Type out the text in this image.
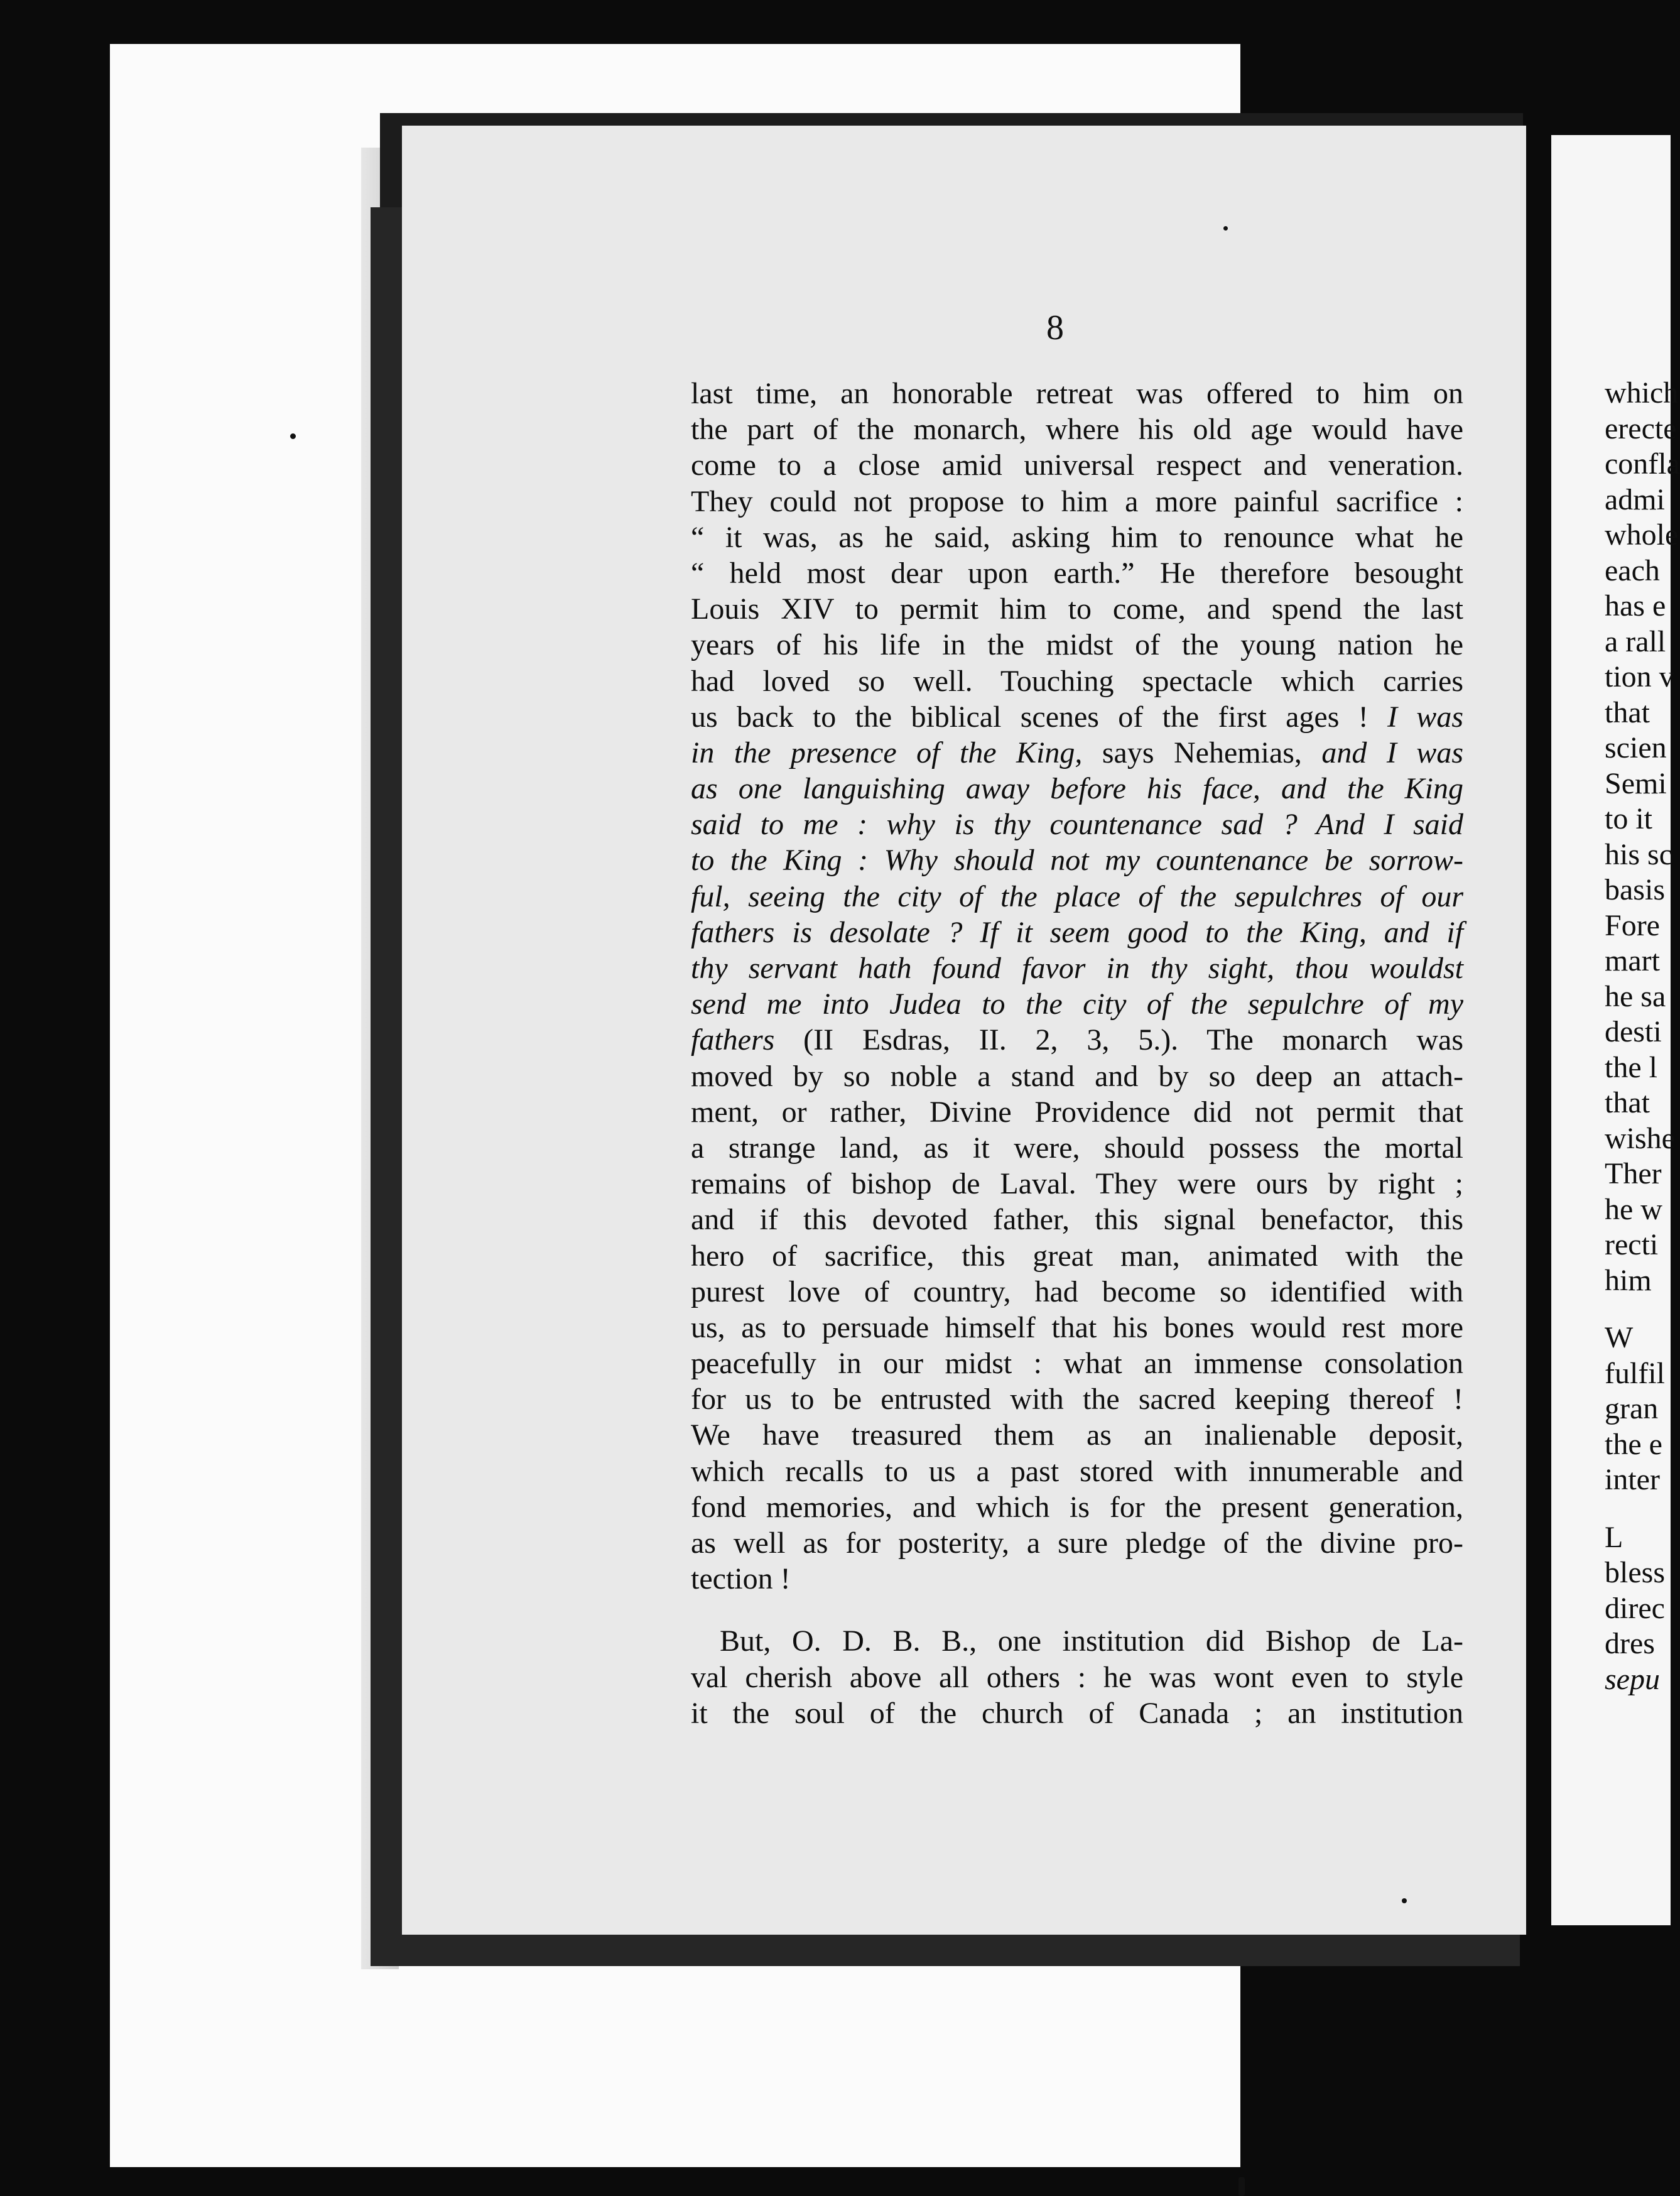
8
last time, an honorable retreat was offered to him on
the part of the monarch, where his old age would have
come to a close amid universal respect and veneration.
They could not propose to him a more painful sacrifice :
“ it was, as he said, asking him to renounce what he
“ held most dear upon earth.” He therefore besought
Louis XIV to permit him to come, and spend the last
years of his life in the midst of the young nation he
had loved so well. Touching spectacle which carries
us back to the biblical scenes of the first ages ! I was
in the presence of the King, says Nehemias, and I was
as one languishing away before his face, and the King
said to me : why is thy countenance sad ? And I said
to the King : Why should not my countenance be sorrow-
ful, seeing the city of the place of the sepulchres of our
fathers is desolate ? If it seem good to the King, and if
thy servant hath found favor in thy sight, thou wouldst
send me into Judea to the city of the sepulchre of my
fathers (II Esdras, II. 2, 3, 5.). The monarch was
moved by so noble a stand and by so deep an attach-
ment, or rather, Divine Providence did not permit that
a strange land, as it were, should possess the mortal
remains of bishop de Laval. They were ours by right ;
and if this devoted father, this signal benefactor, this
hero of sacrifice, this great man, animated with the
purest love of country, had become so identified with
us, as to persuade himself that his bones would rest more
peacefully in our midst : what an immense consolation
for us to be entrusted with the sacred keeping thereof !
We have treasured them as an inalienable deposit,
which recalls to us a past stored with innumerable and
fond memories, and which is for the present generation,
as well as for posterity, a sure pledge of the divine pro-
tection !
But, O. D. B. B., one institution did Bishop de La-
val cherish above all others : he was wont even to style
it the soul of the church of Canada ; an institution
which
erecte
confla
admi
whole
each
has e
a rall
tion v
that
scien
Semi
to it
his sc
basis
Fore
mart
he sa
desti
the l
that
wishe
Ther
he w
recti
him
W
fulfil
gran
the e
inter
L
bless
direc
dres
sepu
